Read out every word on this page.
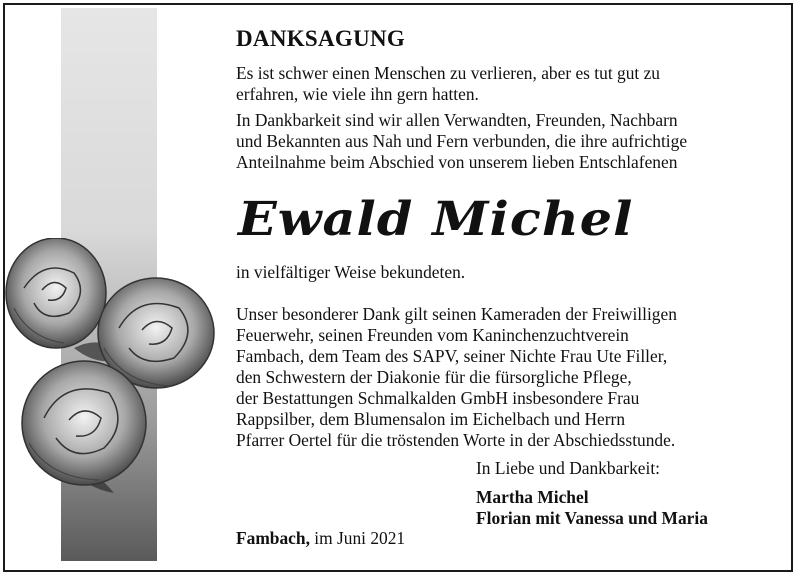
DANKSAGUNG
Es ist schwer einen Menschen zu verlieren, aber es tut gut zu
erfahren, wie viele ihn gern hatten.
In Dankbarkeit sind wir allen Verwandten, Freunden, Nachbarn
und Bekannten aus Nah und Fern verbunden, die ihre aufrichtige
Anteilnahme beim Abschied von unserem lieben Entschlafenen
Ewald Michel
in vielfältiger Weise bekundeten.
Unser besonderer Dank gilt seinen Kameraden der Freiwilligen
Feuerwehr, seinen Freunden vom Kaninchenzuchtverein
Fambach, dem Team des SAPV, seiner Nichte Frau Ute Filler,
den Schwestern der Diakonie für die fürsorgliche Pflege,
der Bestattungen Schmalkalden GmbH insbesondere Frau
Rappsilber, dem Blumensalon im Eichelbach und Herrn
Pfarrer Oertel für die tröstenden Worte in der Abschiedsstunde.
In Liebe und Dankbarkeit:
Martha Michel
Florian mit Vanessa und Maria
Fambach, im Juni 2021
